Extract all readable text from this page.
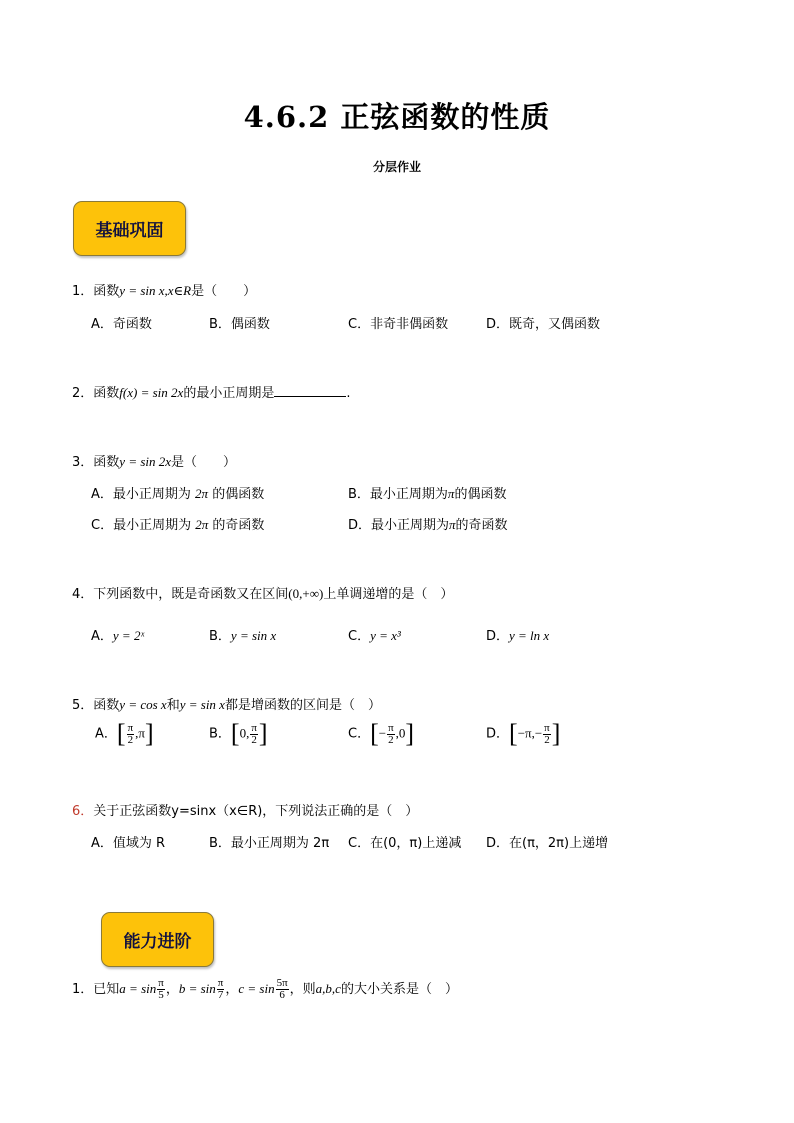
4.6.2 正弦函数的性质
分层作业
基础巩固
1．函数y = sin x,x∈R是（　　）
A．奇函数	B．偶函数	C．非奇非偶函数	D．既奇，又偶函数
2．函数f(x) = sin 2x的最小正周期是	.
3．函数y = sin 2x是（　　）
A．最小正周期为 2π 的偶函数	B．最小正周期为π的偶函数
C．最小正周期为 2π 的奇函数	D．最小正周期为π的奇函数
4．下列函数中，既是奇函数又在区间(0,+∞)上单调递增的是（　）
A．y = 2ˣ	B．y = sin x	C．y = x³	D．y = ln x
5．函数y = cos x和y = sin x都是增函数的区间是（　）
A．[ $\frac{\pi}{2} ,\pi$]	B．[0, $\frac{\pi}{2}$ ]	C．[− $\frac{\pi}{2} ,0$]	D．[$-\pi,- \frac{\pi}{2}$ ]
6．关于正弦函数y=sinx（x∈R)，下列说法正确的是（　）
A．值域为 R	B．最小正周期为 2π C．在(0，π)上递减 D．在(π，2π)上递增
能力进阶
1．已知$a = \sin \frac{\pi}{5}$ ，$b = \sin \frac{\pi}{7}$ ，$c = \sin \frac{5\pi}{6}$ ，则a,b,c的大小关系是（　）
